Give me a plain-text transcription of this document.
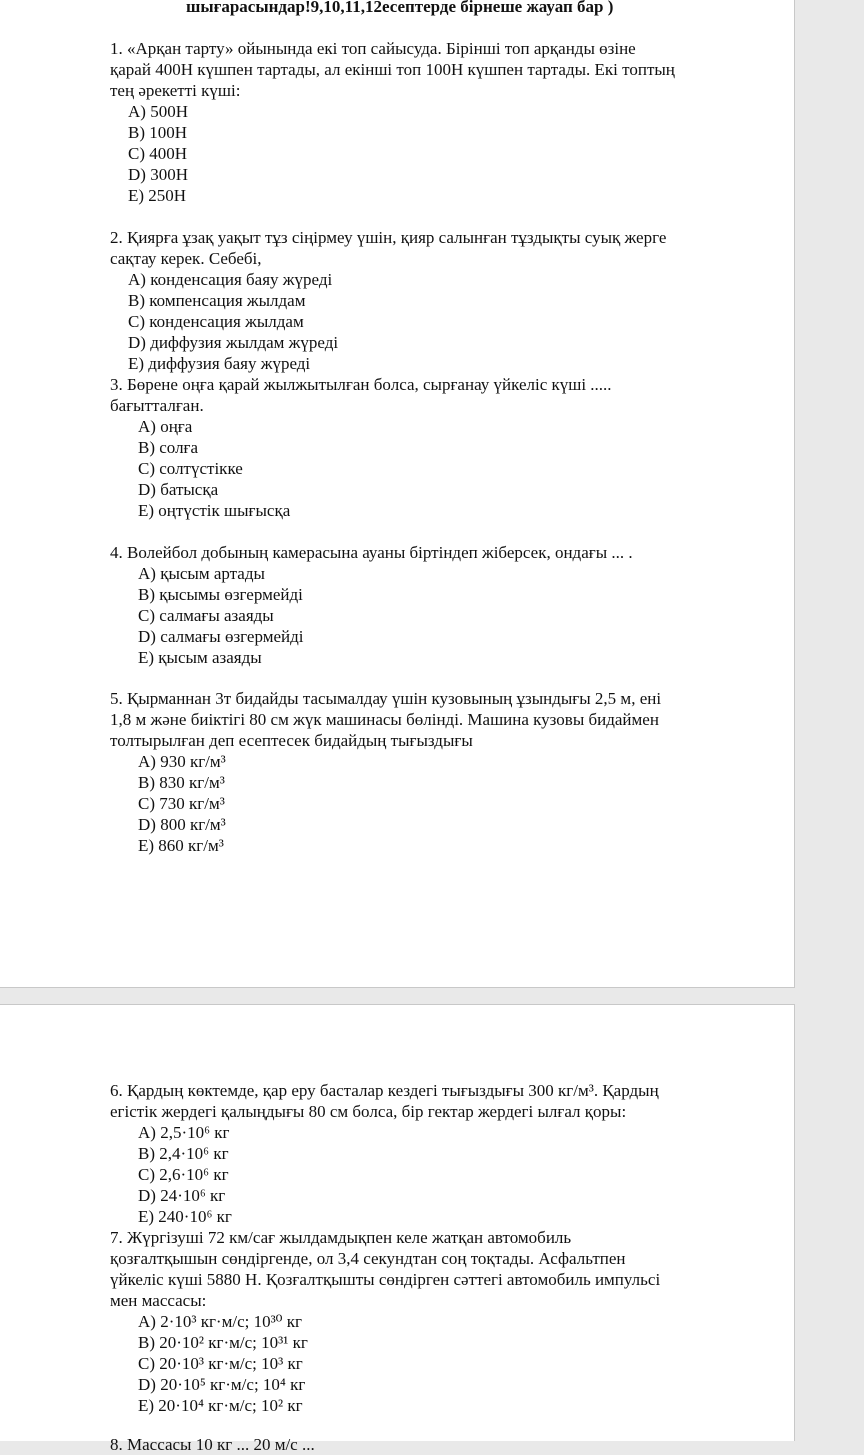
шығарасындар!9,10,11,12есептерде бірнеше жауап бар )
1. «Арқан тарту» ойынында екі топ сайысуда. Бірінші топ арқанды өзіне
қарай 400Н күшпен тартады, ал екінші топ 100Н күшпен тартады. Екі топтың
тең әрекетті күші:
A) 500Н
B) 100Н
C) 400Н
D) 300Н
E) 250Н
2. Қиярға ұзақ уақыт тұз сіңірмеу үшін, қияр салынған тұздықты суық жерге
сақтау керек. Себебі,
A) конденсация баяу жүреді
B) компенсация жылдам
C) конденсация жылдам
D) диффузия жылдам жүреді
E) диффузия баяу жүреді
3. Бөрене оңға қарай жылжытылған болса, сырғанау үйкеліс күші .....
бағытталған.
A) оңға
B) солға
C) солтүстікке
D) батысқа
E) оңтүстік шығысқа
4. Волейбол добының камерасына ауаны біртіндеп жіберсек, ондағы ... .
A) қысым артады
B) қысымы өзгермейді
C) салмағы азаяды
D) салмағы өзгермейді
E) қысым азаяды
5. Қырманнан 3т бидайды тасымалдау үшін кузовының ұзындығы 2,5 м, ені
1,8 м және биіктігі 80 см жүк машинасы бөлінді. Машина кузовы бидаймен
толтырылған деп есептесек бидайдың тығыздығы
A) 930 кг/м³
B) 830 кг/м³
C) 730 кг/м³
D) 800 кг/м³
E) 860 кг/м³
6. Қардың көктемде, қар еру басталар кездегі тығыздығы 300 кг/м³. Қардың
егістік жердегі қалыңдығы 80 см болса, бір гектар жердегі ылғал қоры:
A) 2,5·10⁶ кг
B) 2,4·10⁶ кг
C) 2,6·10⁶ кг
D) 24·10⁶ кг
E) 240·10⁶ кг
7. Жүргізуші 72 км/сағ жылдамдықпен келе жатқан автомобиль
қозғалтқышын сөндіргенде, ол 3,4 секундтан соң тоқтады. Асфальтпен
үйкеліс күші 5880 Н. Қозғалтқышты сөндірген сәттегі автомобиль импульсі
мен массасы:
A) 2·10³ кг·м/с; 10³⁰ кг
B) 20·10² кг·м/с; 10³¹ кг
C) 20·10³ кг·м/с; 10³ кг
D) 20·10⁵ кг·м/с; 10⁴ кг
E) 20·10⁴ кг·м/с; 10² кг
8. Массасы 10 кг ... 20 м/с ...
